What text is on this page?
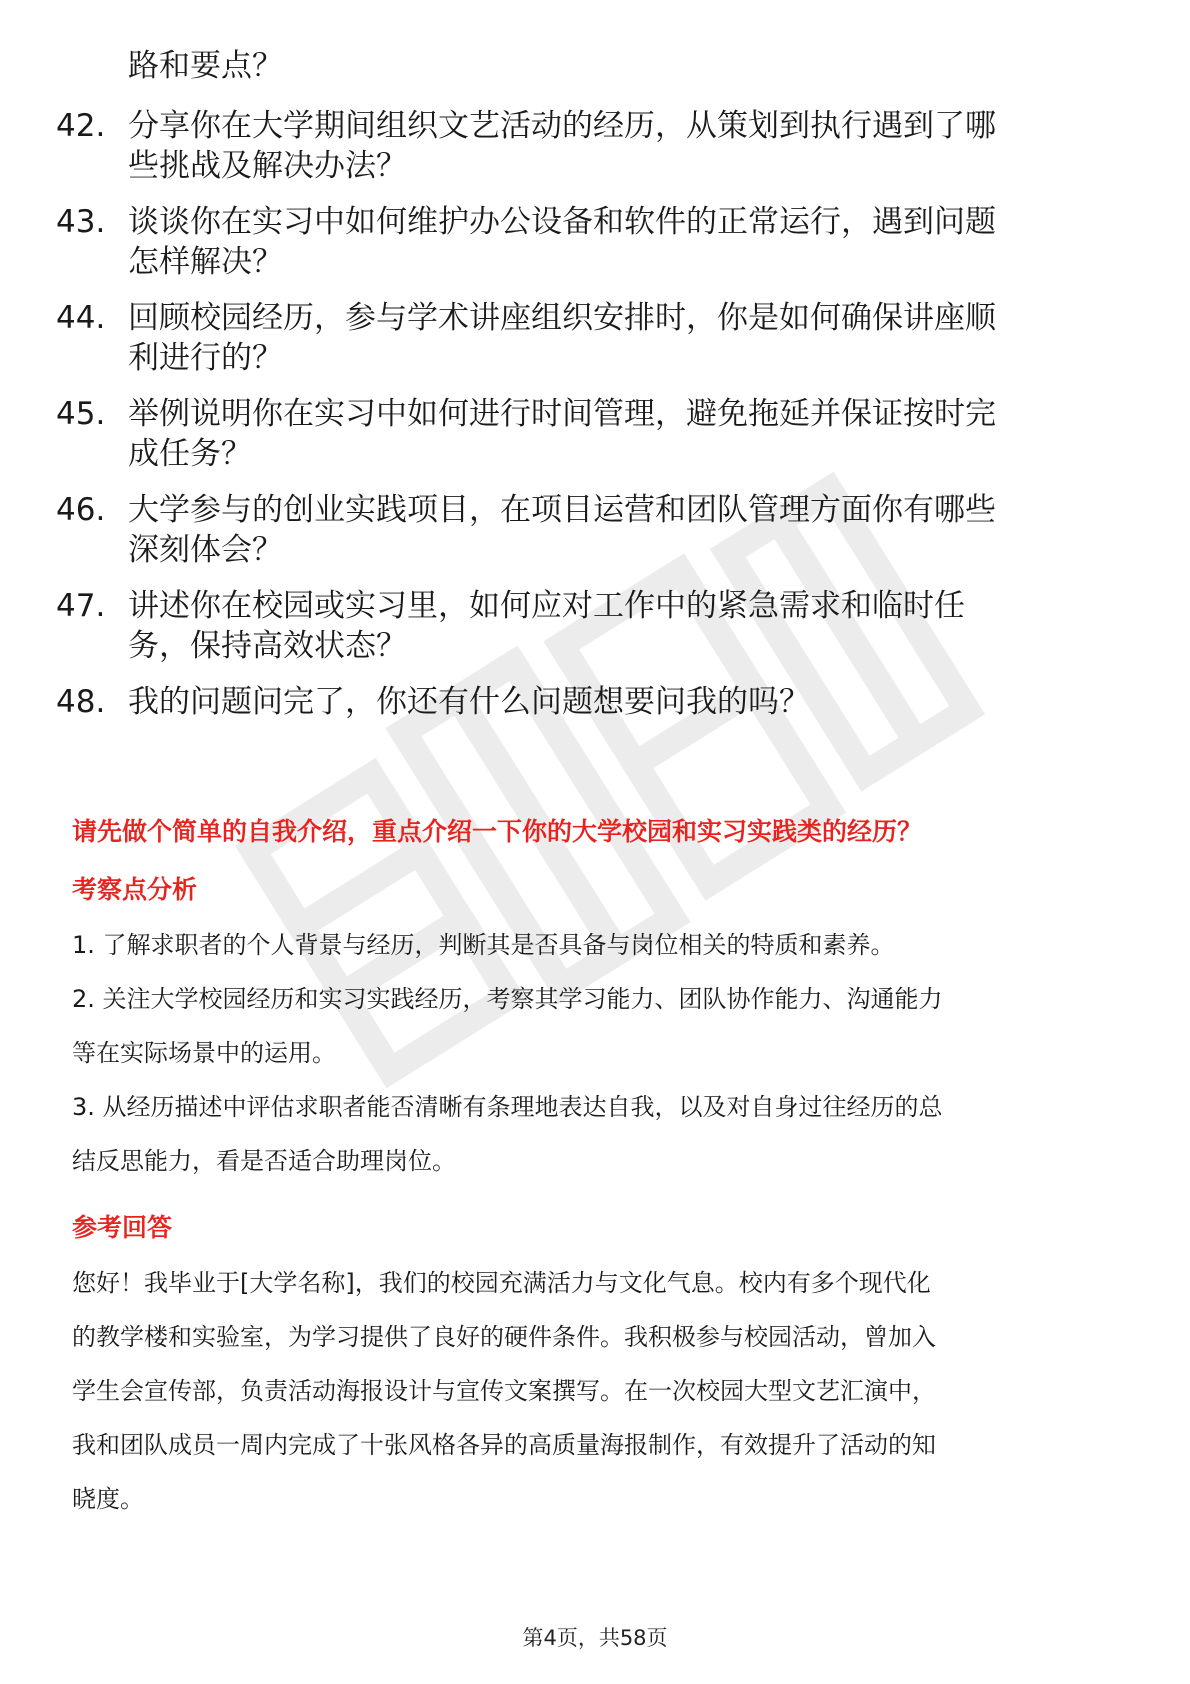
路和要点？
42. 分享你在大学期间组织文艺活动的经历，从策划到执行遇到了哪
些挑战及解决办法？
43. 谈谈你在实习中如何维护办公设备和软件的正常运行，遇到问题
怎样解决？
44. 回顾校园经历，参与学术讲座组织安排时，你是如何确保讲座顺
利进行的？
45. 举例说明你在实习中如何进行时间管理，避免拖延并保证按时完
成任务？
46. 大学参与的创业实践项目，在项目运营和团队管理方面你有哪些
深刻体会？
47. 讲述你在校园或实习里，如何应对工作中的紧急需求和临时任
务，保持高效状态？
48. 我的问题问完了，你还有什么问题想要问我的吗？
请先做个简单的自我介绍，重点介绍一下你的大学校园和实习实践类的经历？
考察点分析
1. 了解求职者的个人背景与经历，判断其是否具备与岗位相关的特质和素养。
2. 关注大学校园经历和实习实践经历，考察其学习能力、团队协作能力、沟通能力
等在实际场景中的运用。
3. 从经历描述中评估求职者能否清晰有条理地表达自我，以及对自身过往经历的总
结反思能力，看是否适合助理岗位。
参考回答
您好！我毕业于[大学名称]，我们的校园充满活力与文化气息。校内有多个现代化
的教学楼和实验室，为学习提供了良好的硬件条件。我积极参与校园活动，曾加入
学生会宣传部，负责活动海报设计与宣传文案撰写。在一次校园大型文艺汇演中，
我和团队成员一周内完成了十张风格各异的高质量海报制作，有效提升了活动的知
晓度。
第4页，共58页
